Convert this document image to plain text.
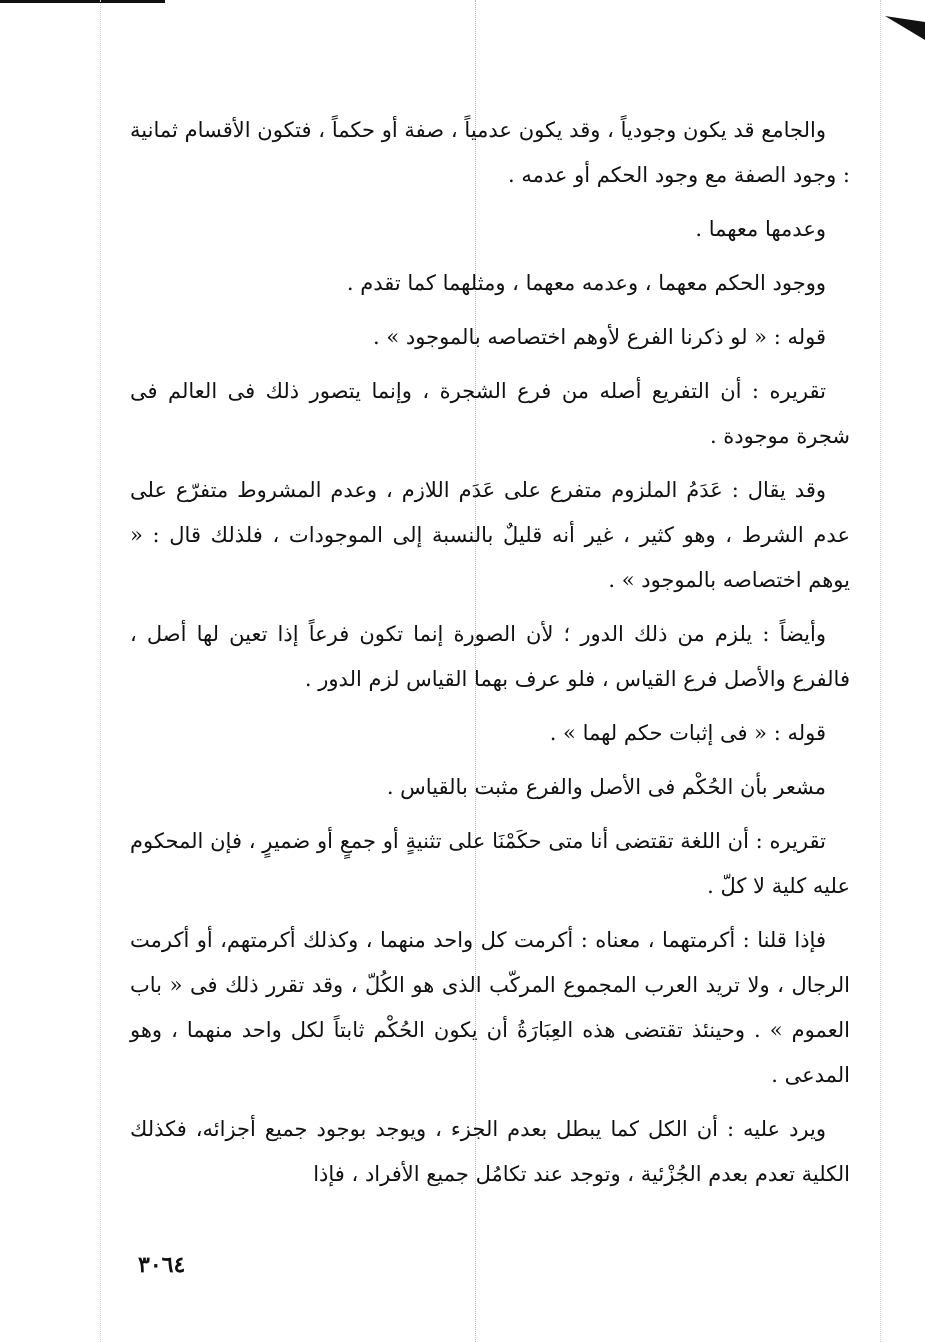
والجامع قد يكون وجودياً ، وقد يكون عدمياً ، صفة أو حكماً ، فتكون الأقسام ثمانية : وجود الصفة مع وجود الحكم أو عدمه .

وعدمها معهما .

ووجود الحكم معهما ، وعدمه معهما ، ومثلهما كما تقدم .

قوله : « لو ذكرنا الفرع لأوهم اختصاصه بالموجود » .

تقريره : أن التفريع أصله من فرع الشجرة ، وإنما يتصور ذلك فى العالم فى شجرة موجودة .

وقد يقال : عَدَمُ الملزوم متفرع على عَدَم اللازم ، وعدم المشروط متفرّع على عدم الشرط ، وهو كثير ، غير أنه قليلٌ بالنسبة إلى الموجودات ، فلذلك قال : « يوهم اختصاصه بالموجود » .

وأيضاً : يلزم من ذلك الدور ؛ لأن الصورة إنما تكون فرعاً إذا تعين لها أصل ، فالفرع والأصل فرع القياس ، فلو عرف بهما القياس لزم الدور .

قوله : « فى إثبات حكم لهما » .

مشعر بأن الحُكْم فى الأصل والفرع مثبت بالقياس .

تقريره : أن اللغة تقتضى أنا متى حكَمْنَا على تثنيةٍ أو جمعٍ أو ضميرٍ ، فإن المحكوم عليه كلية لا كلّ .

فإذا قلنا : أكرمتهما ، معناه : أكرمت كل واحد منهما ، وكذلك أكرمتهم، أو أكرمت الرجال ، ولا تريد العرب المجموع المركّب الذى هو الكُلّ ، وقد تقرر ذلك فى « باب العموم » . وحينئذ تقتضى هذه العِبَارَةُ أن يكون الحُكْم ثابتاً لكل واحد منهما ، وهو المدعى .

ويرد عليه : أن الكل كما يبطل بعدم الجزء ، ويوجد بوجود جميع أجزائه، فكذلك الكلية تعدم بعدم الجُزْئية ، وتوجد عند تكامُل جميع الأفراد ، فإذا

٣٠٦٤
